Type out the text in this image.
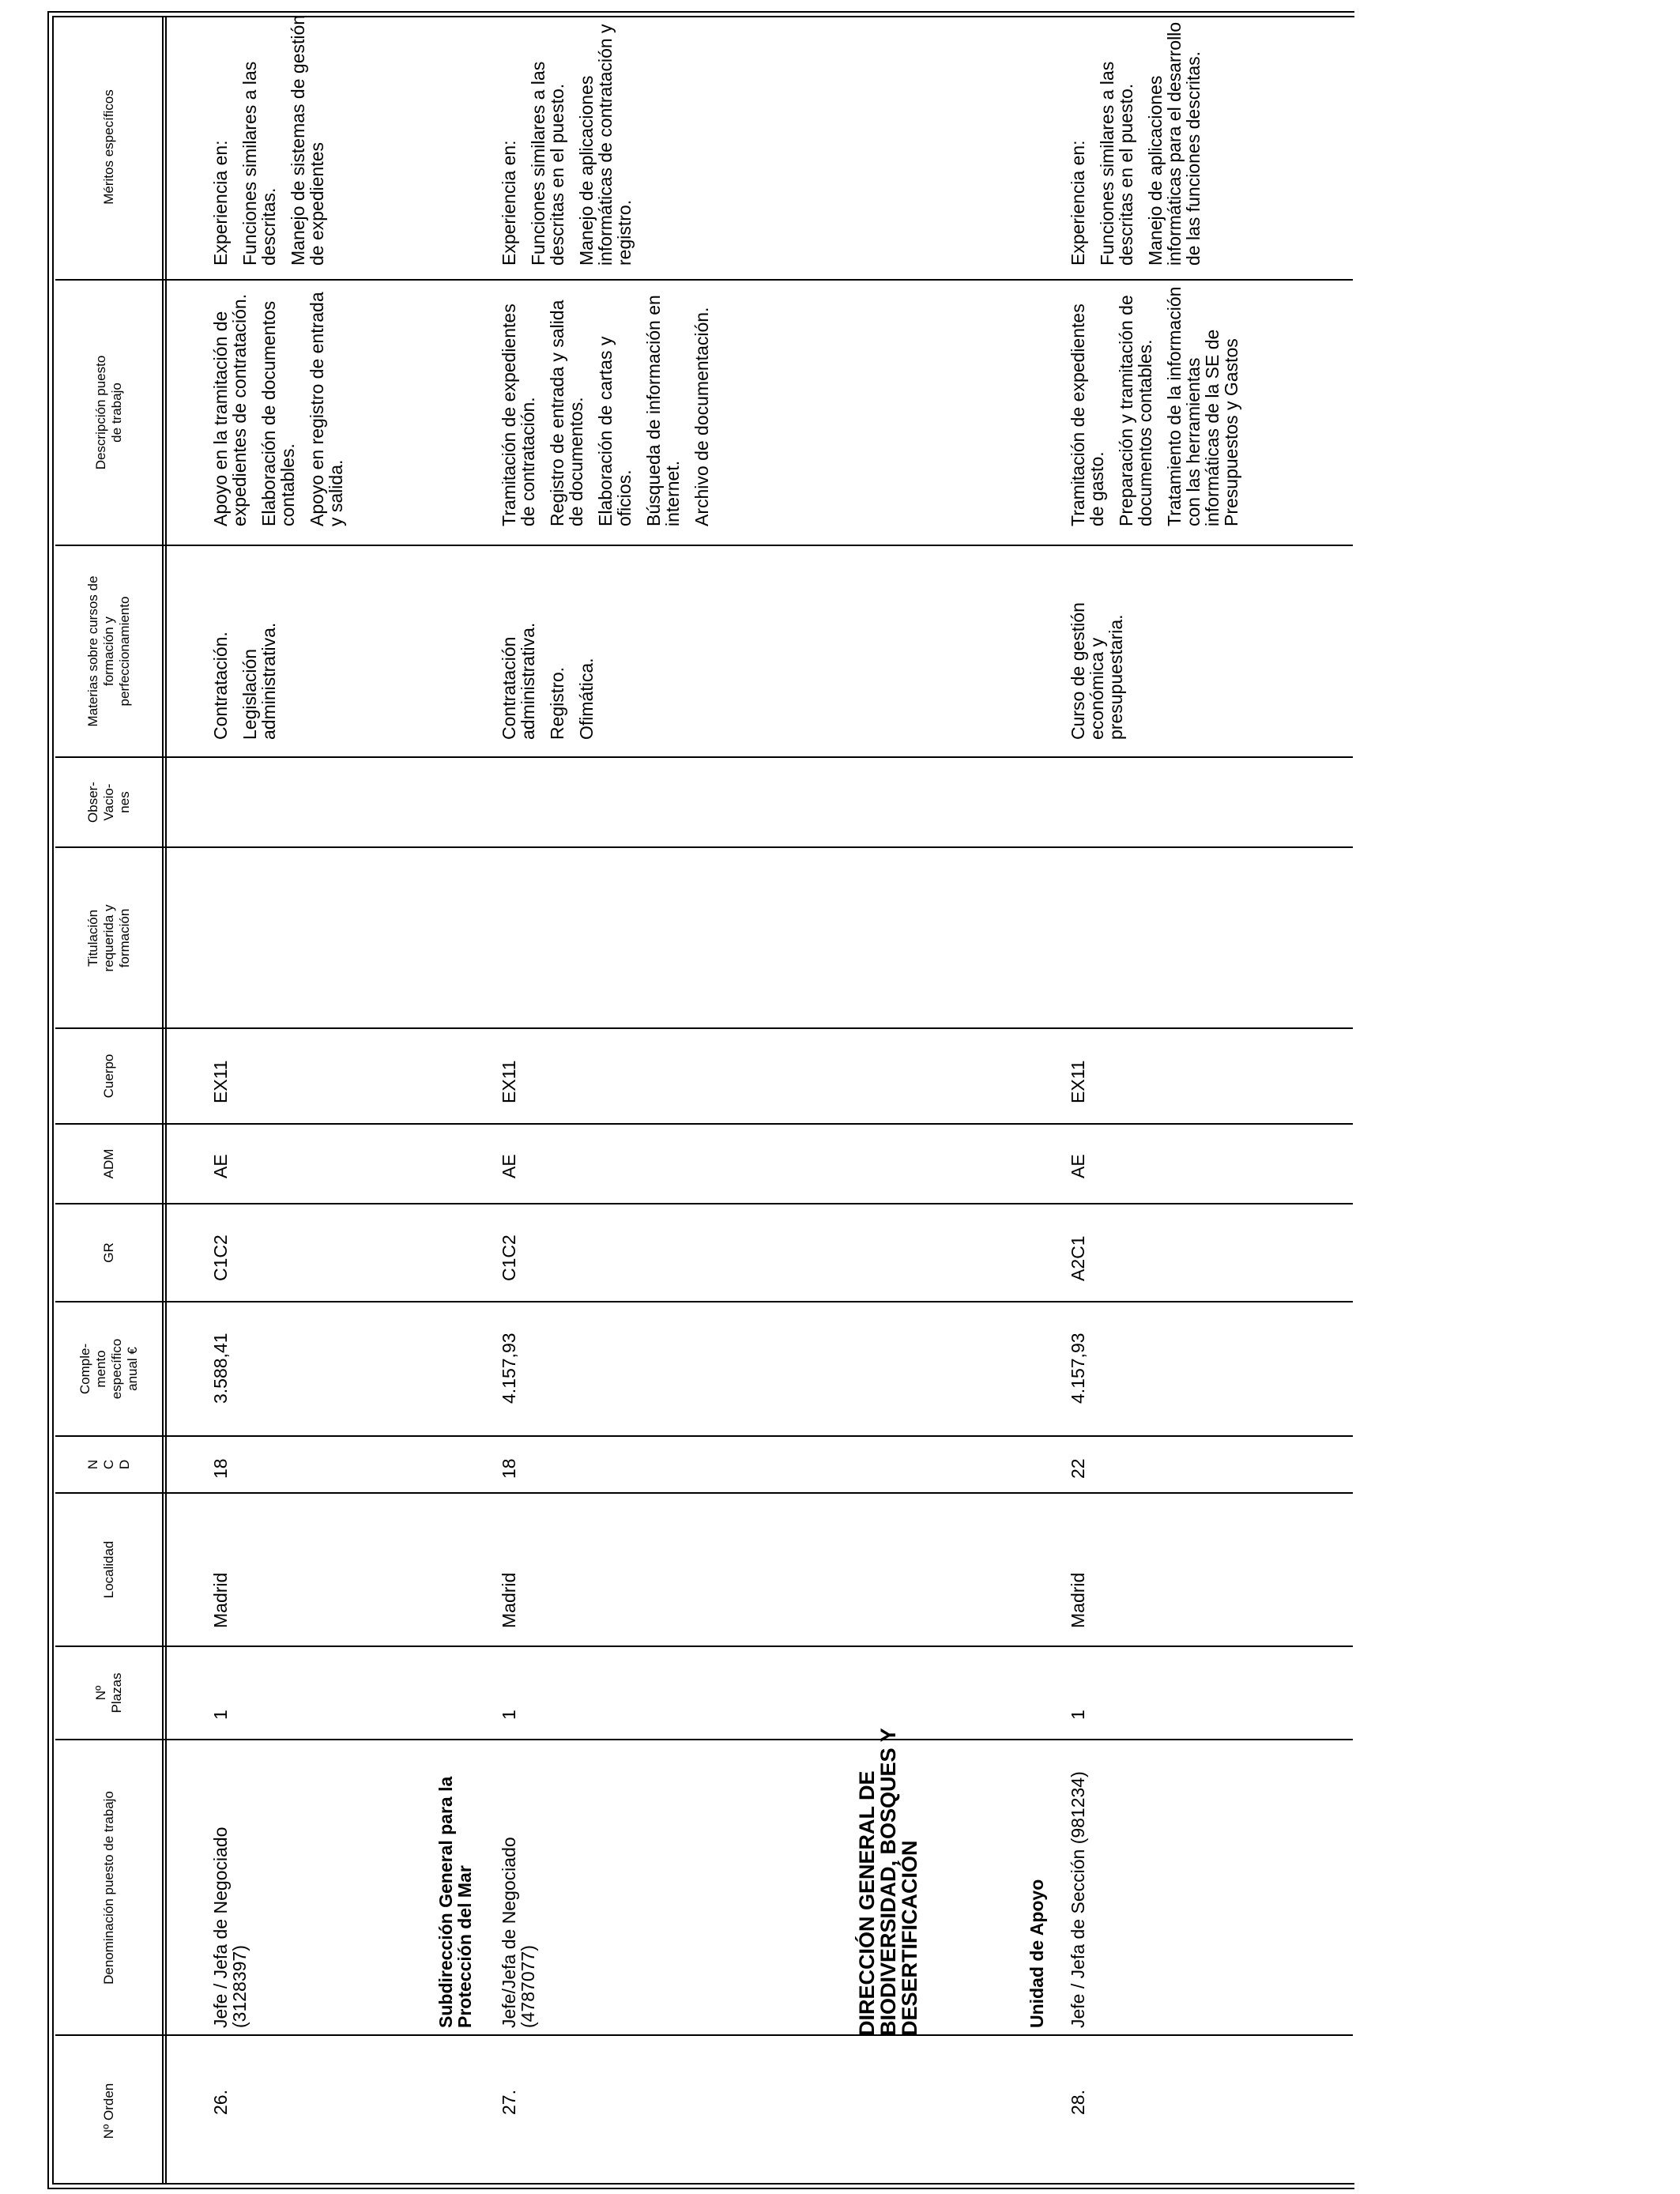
Nº Orden
Denominación puesto de trabajo
Nº Plazas
Localidad
N C D
Comple- mento específico anual €
GR
ADM
Cuerpo
Titulación requerida y formación
Obser- Vacio- nes
Materias sobre cursos de formación y perfeccionamiento
Descripción puesto de trabajo
Méritos específicos
26.
Jefe / Jefa de Negociado (3128397)
1
Madrid
18
3.588,41
C1C2
AE
EX11

Contratación. Legislación administrativa.

Apoyo en la tramitación de expedientes de contratación. Elaboración de documentos contables. Apoyo en registro de entrada y salida.

Experiencia en: Funciones similares a las descritas. Manejo de sistemas de gestión de expedientes

Subdirección General para la Protección del Mar
27.
Jefe/Jefa de Negociado (4787077)
1
Madrid
18
4.157,93
C1C2
AE
EX11

Contratación administrativa. Registro. Ofimática.

Tramitación de expedientes de contratación. Registro de entrada y salida de documentos. Elaboración de cartas y oficios. Búsqueda de información en internet. Archivo de documentación.

Experiencia en: Funciones similares a las descritas en el puesto. Manejo de aplicaciones informáticas de contratación y registro.

DIRECCIÓN GENERAL DE BIODIVERSIDAD, BOSQUES Y DESERTIFICACIÓN	Unidad de Apoyo
28.
Jefe / Jefa de Sección (981234)
1
Madrid
22
4.157,93
A2C1
AE
EX11

Curso de gestión económica y presupuestaria.

Tramitación de expedientes de gasto. Preparación y tramitación de documentos contables. Tratamiento de la información con las herramientas informáticas de la SE de Presupuestos y Gastos

Experiencia en: Funciones similares a las descritas en el puesto. Manejo de aplicaciones informáticas para el desarrollo de las funciones descritas.
